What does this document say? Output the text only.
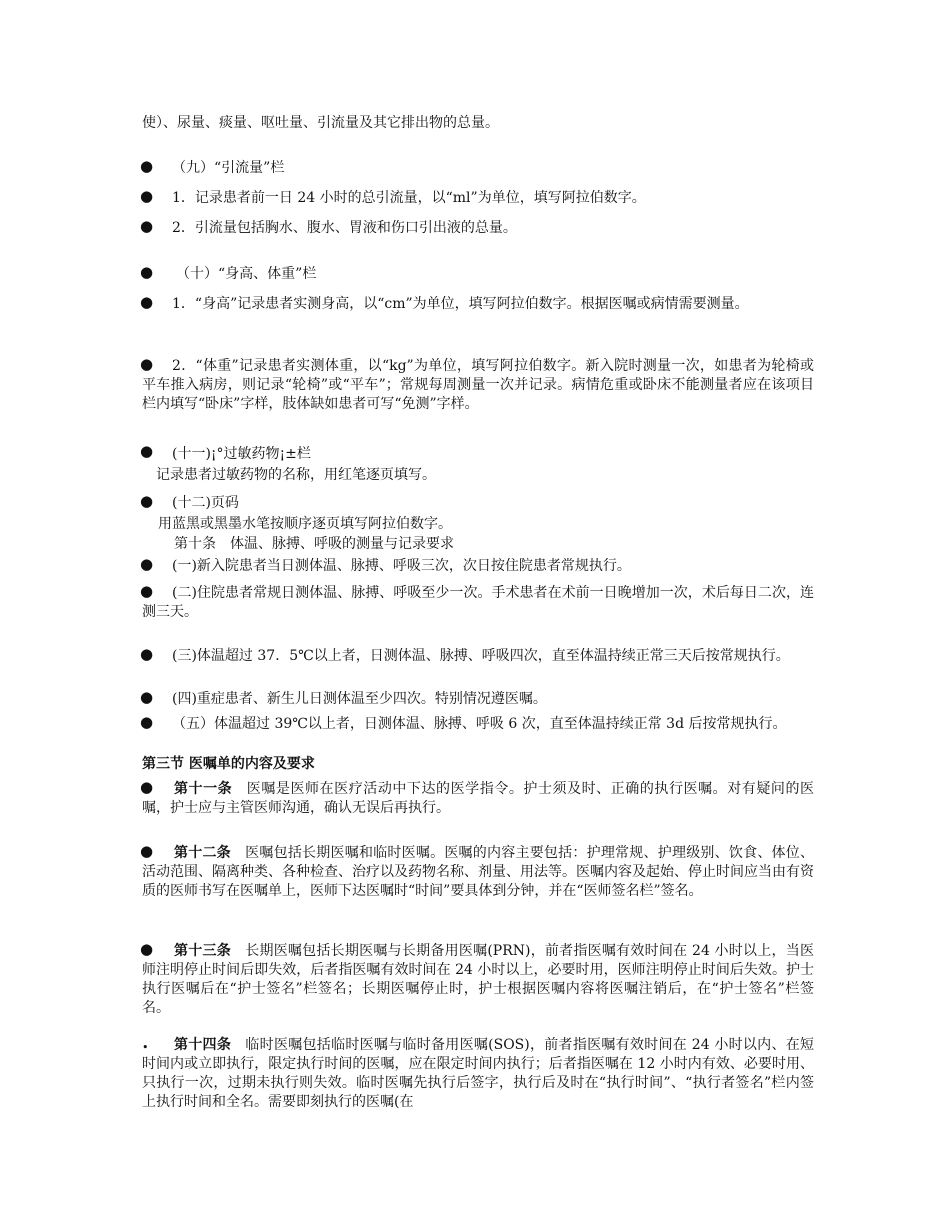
使）、尿量、痰量、呕吐量、引流量及其它排出物的总量。
● （九）“引流量”栏
● 1．记录患者前一日 24 小时的总引流量，以“ml”为单位，填写阿拉伯数字。
● 2．引流量包括胸水、腹水、胃液和伤口引出液的总量。
● （十）“身高、体重”栏
●	1．“身高”记录患者实测身高，以“cm”为单位，填写阿拉伯数字。根据医嘱或病情需要测量。
●	2．“体重”记录患者实测体重，以“kg”为单位，填写阿拉伯数字。新入院时测量一次，如患者为轮椅或平车推入病房，则记录“轮椅”或“平车”；常规每周测量一次并记录。病情危重或卧床不能测量者应在该项目栏内填写“卧床”字样，肢体缺如患者可写“免测”字样。
● (十一)¡°过敏药物¡±栏
记录患者过敏药物的名称，用红笔逐页填写。
● (十二)页码
用蓝黑或黑墨水笔按顺序逐页填写阿拉伯数字。
第十条　体温、脉搏、呼吸的测量与记录要求
● (一)新入院患者当日测体温、脉搏、呼吸三次，次日按住院患者常规执行。
●	(二)住院患者常规日测体温、脉搏、呼吸至少一次。手术患者在术前一日晚增加一次，术后每日二次，连测三天。
●	(三)体温超过 37．5℃以上者，日测体温、脉搏、呼吸四次，直至体温持续正常三天后按常规执行。
● (四)重症患者、新生儿日测体温至少四次。特别情况遵医嘱。
●	（五）体温超过 39℃以上者，日测体温、脉搏、呼吸 6 次，直至体温持续正常 3d 后按常规执行。
第三节 医嘱单的内容及要求
●	第十一条　医嘱是医师在医疗活动中下达的医学指令。护士须及时、正确的执行医嘱。对有疑问的医嘱，护士应与主管医师沟通，确认无误后再执行。
●	第十二条　医嘱包括长期医嘱和临时医嘱。医嘱的内容主要包括：护理常规、护理级别、饮食、体位、活动范围、隔离种类、各种检查、治疗以及药物名称、剂量、用法等。医嘱内容及起始、停止时间应当由有资质的医师书写在医嘱单上，医师下达医嘱时“时间”要具体到分钟，并在“医师签名栏”签名。
●	第十三条　长期医嘱包括长期医嘱与长期备用医嘱(PRN)，前者指医嘱有效时间在 24 小时以上，当医师注明停止时间后即失效，后者指医嘱有效时间在 24 小时以上，必要时用，医师注明停止时间后失效。护士执行医嘱后在“护士签名”栏签名；长期医嘱停止时，护士根据医嘱内容将医嘱注销后，在“护士签名”栏签名。
•	第十四条　临时医嘱包括临时医嘱与临时备用医嘱(SOS)，前者指医嘱有效时间在 24 小时以内、在短时间内或立即执行，限定执行时间的医嘱，应在限定时间内执行；后者指医嘱在 12 小时内有效、必要时用、只执行一次，过期未执行则失效。临时医嘱先执行后签字，执行后及时在“执行时间”、“执行者签名”栏内签上执行时间和全名。需要即刻执行的医嘱(在
